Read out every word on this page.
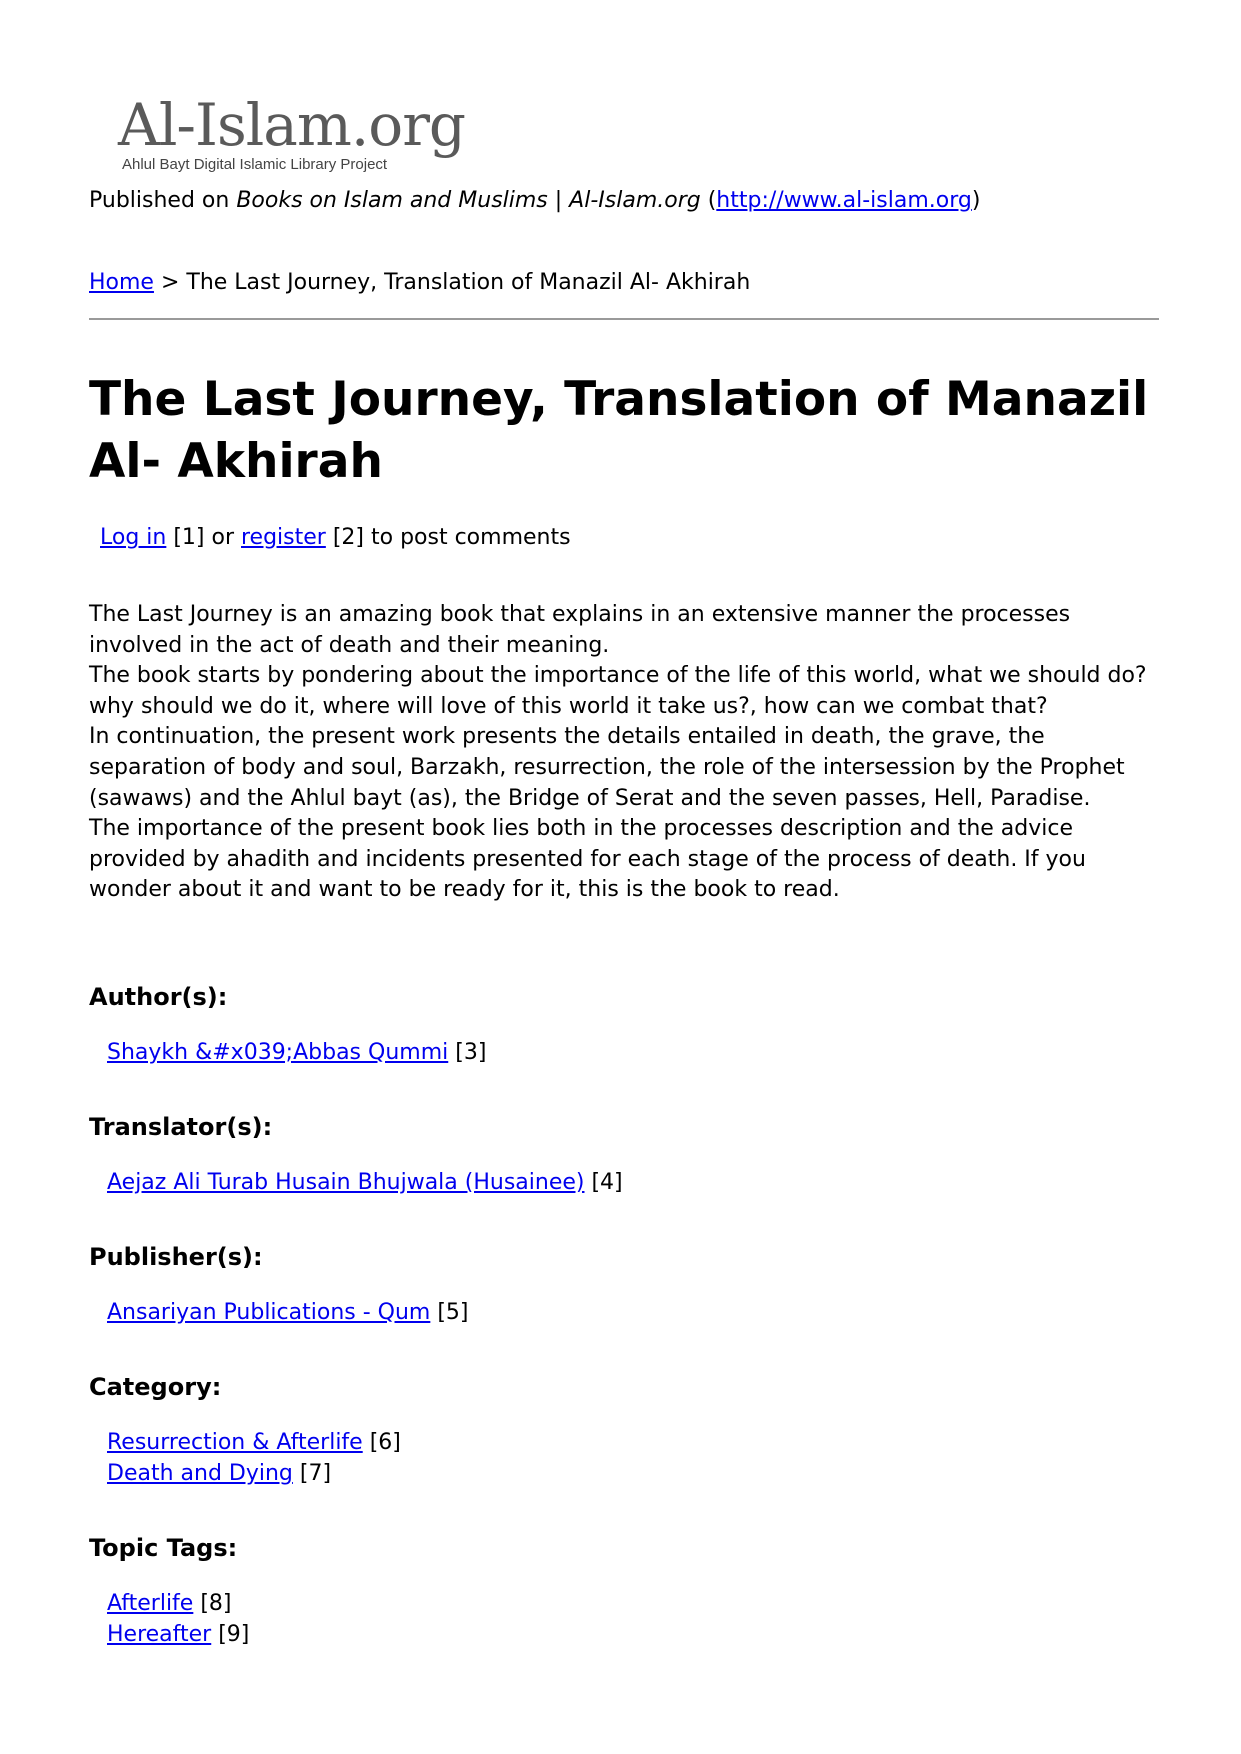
Al-Islam.org
Ahlul Bayt Digital Islamic Library Project
Published on Books on Islam and Muslims | Al-Islam.org (http://www.al-islam.org)
Home > The Last Journey, Translation of Manazil Al- Akhirah
The Last Journey, Translation of Manazil Al- Akhirah
Log in [1] or register [2] to post comments

The Last Journey is an amazing book that explains in an extensive manner the processes involved in the act of death and their meaning.

The book starts by pondering about the importance of the life of this world, what we should do? why should we do it, where will love of this world it take us?, how can we combat that?

In continuation, the present work presents the details entailed in death, the grave, the separation of body and soul, Barzakh, resurrection, the role of the intersession by the Prophet (sawaws) and the Ahlul bayt (as), the Bridge of Serat and the seven passes, Hell, Paradise.

The importance of the present book lies both in the processes description and the advice provided by ahadith and incidents presented for each stage of the process of death. If you wonder about it and want to be ready for it, this is the book to read.

Author(s):
Shaykh &#x039;Abbas Qummi [3]
Translator(s):
Aejaz Ali Turab Husain Bhujwala (Husainee) [4]
Publisher(s):
Ansariyan Publications - Qum [5]
Category:
Resurrection & Afterlife [6]
Death and Dying [7]
Topic Tags:
Afterlife [8]
Hereafter [9]
